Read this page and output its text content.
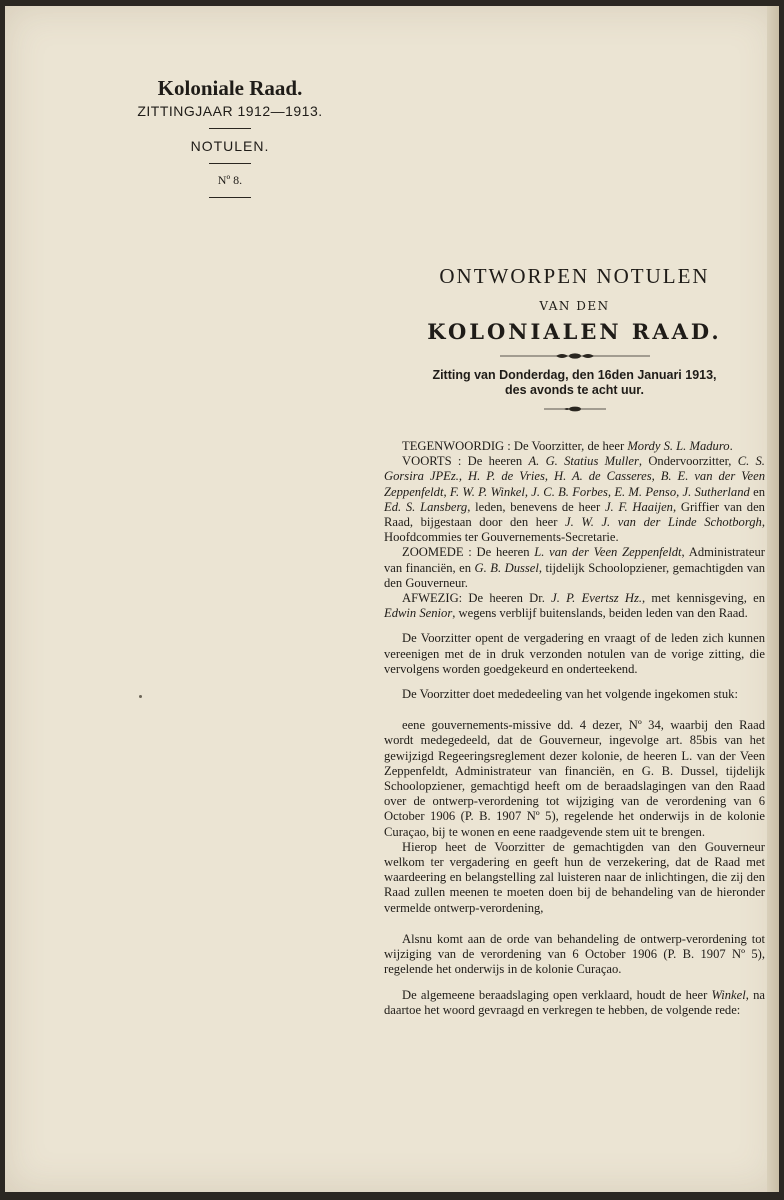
Koloniale Raad.

ZITTINGJAAR 1912—1913.

NOTULEN.

Nº 8.

ONTWORPEN NOTULEN

VAN DEN

KOLONIALEN RAAD.

Zitting van Donderdag, den 16den Januari 1913,
des avonds te acht uur.

TEGENWOORDIG : De Voorzitter, de heer Mordy S. L. Maduro.

VOORTS : De heeren A. G. Statius Muller, Ondervoorzitter, C. S. Gorsira JPEz., H. P. de Vries, H. A. de Casseres, B. E. van der Veen Zeppenfeldt, F. W. P. Winkel, J. C. B. Forbes, E. M. Penso, J. Sutherland en Ed. S. Lansberg, leden, benevens de heer J. F. Haaijen, Griffier van den Raad, bijgestaan door den heer J. W. J. van der Linde Schotborgh, Hoofdcommies ter Gouvernements-Secretarie.

ZOOMEDE : De heeren L. van der Veen Zeppenfeldt, Administrateur van financiën, en G. B. Dussel, tijdelijk Schoolopziener, gemachtigden van den Gouverneur.

AFWEZIG: De heeren Dr. J. P. Evertsz Hz., met kennisgeving, en Edwin Senior, wegens verblijf buitenslands, beiden leden van den Raad.

De Voorzitter opent de vergadering en vraagt of de leden zich kunnen vereenigen met de in druk verzonden notulen van de vorige zitting, die vervolgens worden goedgekeurd en onderteekend.

De Voorzitter doet mededeeling van het volgende ingekomen stuk:

eene gouvernements-missive dd. 4 dezer, Nº 34, waarbij den Raad wordt medegedeeld, dat de Gouverneur, ingevolge art. 85bis van het gewijzigd Regeeringsreglement dezer kolonie, de heeren L. van der Veen Zeppenfeldt, Administrateur van financiën, en G. B. Dussel, tijdelijk Schoolopziener, gemachtigd heeft om de beraadslagingen van den Raad over de ontwerp-verordening tot wijziging van de verordening van 6 October 1906 (P. B. 1907 Nº 5), regelende het onderwijs in de kolonie Curaçao, bij te wonen en eene raadgevende stem uit te brengen.

Hierop heet de Voorzitter de gemachtigden van den Gouverneur welkom ter vergadering en geeft hun de verzekering, dat de Raad met waardeering en belangstelling zal luisteren naar de inlichtingen, die zij den Raad zullen meenen te moeten doen bij de behandeling van de hieronder vermelde ontwerp-verordening,

Alsnu komt aan de orde van behandeling de ontwerp-verordening tot wijziging van de verordening van 6 October 1906 (P. B. 1907 Nº 5), regelende het onderwijs in de kolonie Curaçao.

De algemeene beraadslaging open verklaard, houdt de heer Winkel, na daartoe het woord gevraagd en verkregen te hebben, de volgende rede:
